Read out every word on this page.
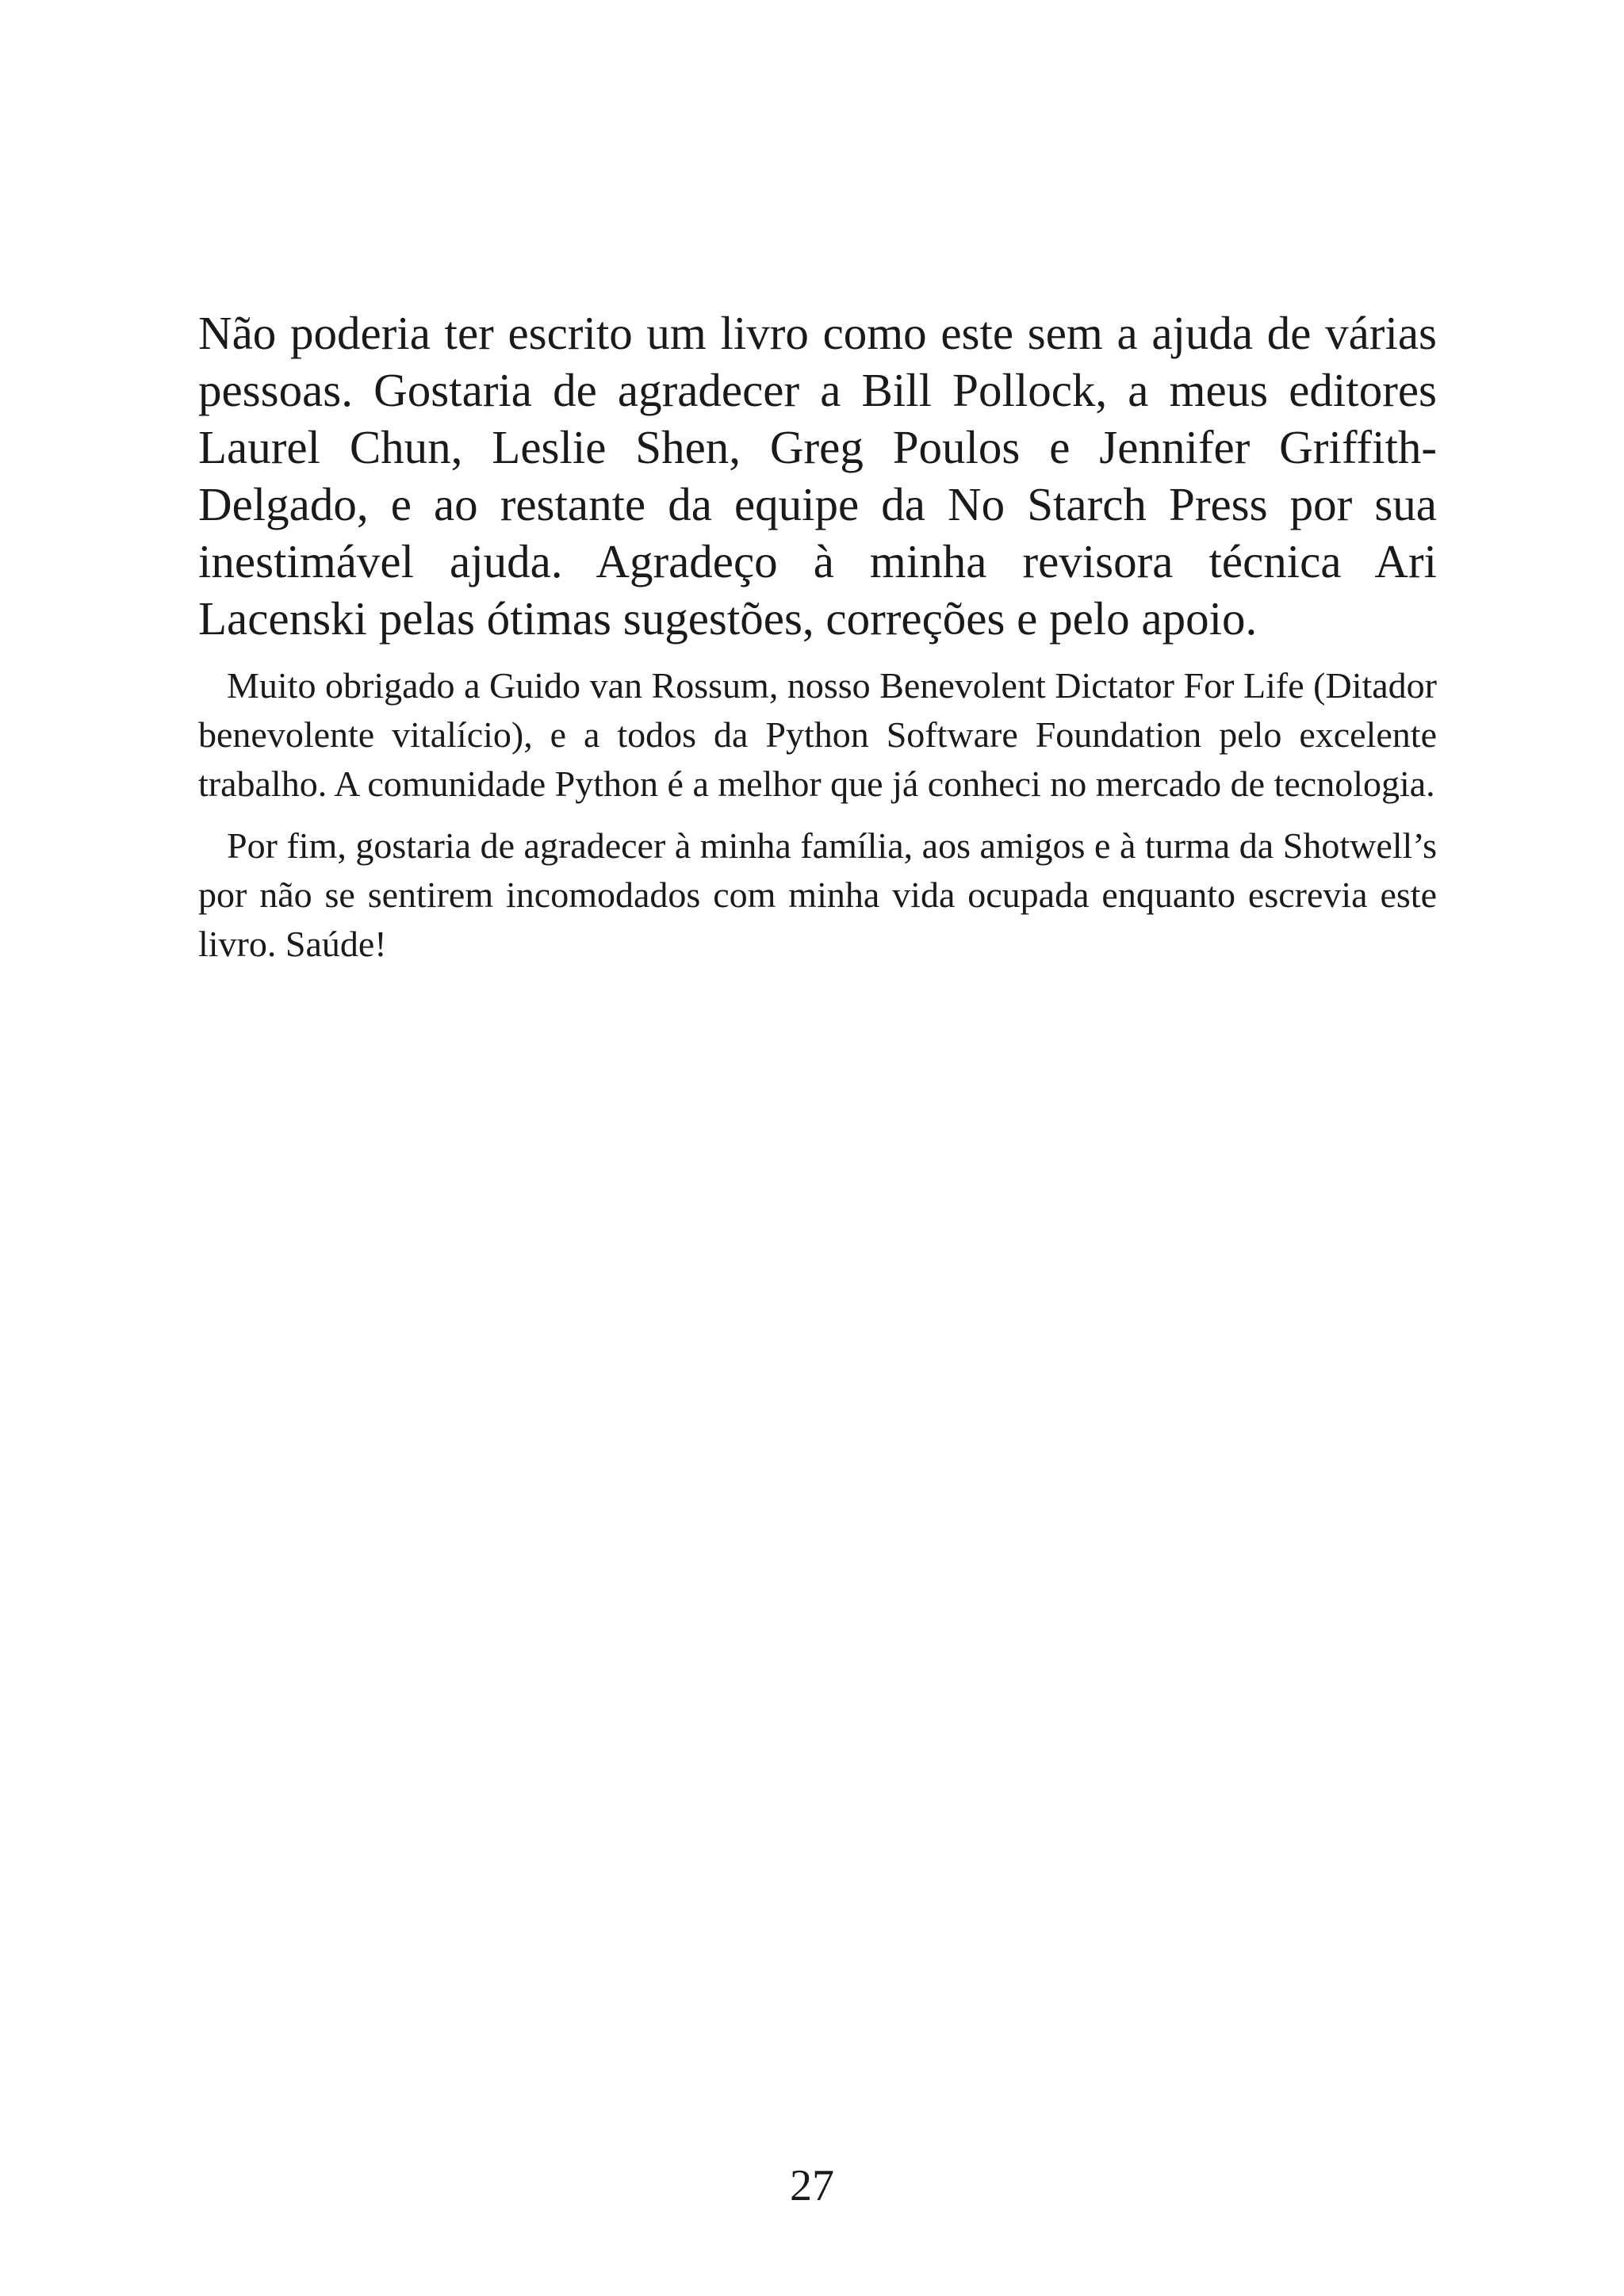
Não poderia ter escrito um livro como este sem a ajuda de várias pessoas. Gostaria de agradecer a Bill Pollock, a meus editores Laurel Chun, Leslie Shen, Greg Poulos e Jennifer Griffith-Delgado, e ao restante da equipe da No Starch Press por sua inestimável ajuda. Agradeço à minha revisora técnica Ari Lacenski pelas ótimas sugestões, correções e pelo apoio.

Muito obrigado a Guido van Rossum, nosso Benevolent Dictator For Life (Ditador benevolente vitalício), e a todos da Python Software Foundation pelo excelente trabalho. A comunidade Python é a melhor que já conheci no mercado de tecnologia.

Por fim, gostaria de agradecer à minha família, aos amigos e à turma da Shotwell’s por não se sentirem incomodados com minha vida ocupada enquanto escrevia este livro. Saúde!

27
